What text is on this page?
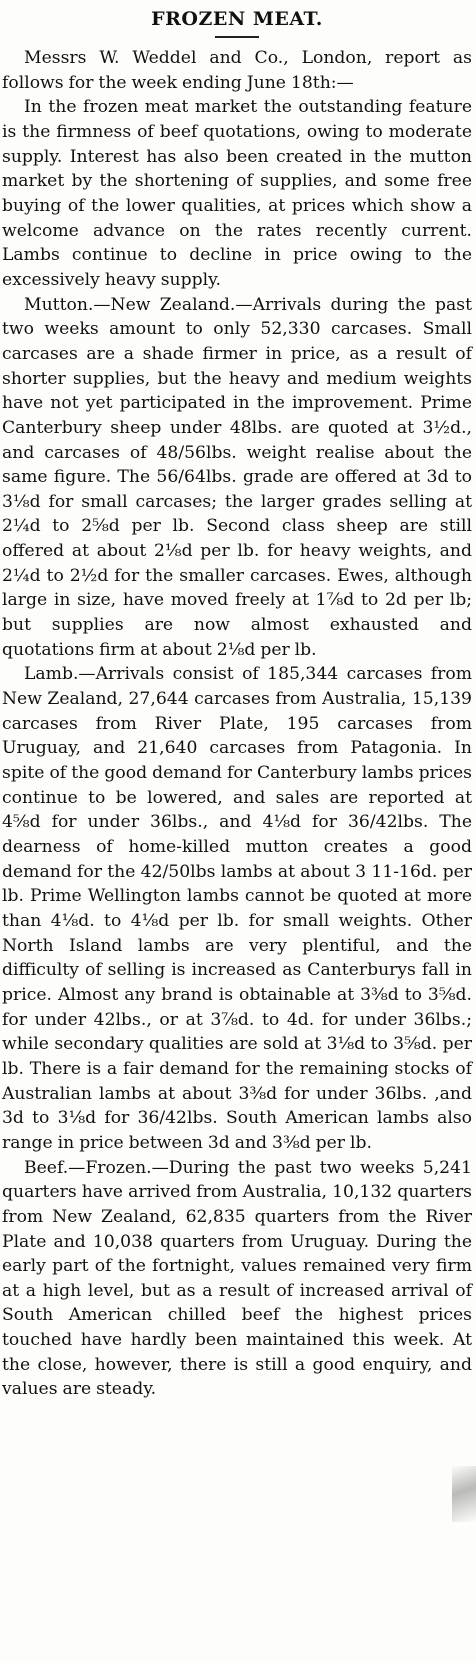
FROZEN MEAT.

Messrs W. Weddel and Co., London, report as follows for the week ending June 18th:—

In the frozen meat market the outstanding feature is the firmness of beef quotations, owing to moderate supply. Interest has also been created in the mutton market by the shortening of supplies, and some free buying of the lower qualities, at prices which show a welcome advance on the rates recently current. Lambs continue to decline in price owing to the excessively heavy supply.

Mutton.—New Zealand.—Arrivals during the past two weeks amount to only 52,330 carcases. Small carcases are a shade firmer in price, as a result of shorter supplies, but the heavy and medium weights have not yet participated in the improvement. Prime Canterbury sheep under 48lbs. are quoted at 3½d., and carcases of 48/56lbs. weight realise about the same figure. The 56/64lbs. grade are offered at 3d to 3⅛d for small carcases; the larger grades selling at 2¼d to 2⅝d per lb. Second class sheep are still offered at about 2⅛d per lb. for heavy weights, and 2¼d to 2½d for the smaller carcases. Ewes, although large in size, have moved freely at 1⅞d to 2d per lb; but supplies are now almost exhausted and quotations firm at about 2⅛d per lb.

Lamb.—Arrivals consist of 185,344 carcases from New Zealand, 27,644 carcases from Australia, 15,139 carcases from River Plate, 195 carcases from Uruguay, and 21,640 carcases from Patagonia. In spite of the good demand for Canterbury lambs prices continue to be lowered, and sales are reported at 4⅝d for under 36lbs., and 4⅛d for 36/42lbs. The dearness of home-killed mutton creates a good demand for the 42/50lbs lambs at about 3 11-16d. per lb. Prime Wellington lambs cannot be quoted at more than 4⅛d. to 4⅛d per lb. for small weights. Other North Island lambs are very plentiful, and the difficulty of selling is increased as Canterburys fall in price. Almost any brand is obtainable at 3⅜d to 3⅝d. for under 42lbs., or at 3⅞d. to 4d. for under 36lbs.; while secondary qualities are sold at 3⅛d to 3⅝d. per lb. There is a fair demand for the remaining stocks of Australian lambs at about 3⅜d for under 36lbs. ,and 3d to 3⅛d for 36/42lbs. South American lambs also range in price between 3d and 3⅜d per lb.

Beef.—Frozen.—During the past two weeks 5,241 quarters have arrived from Australia, 10,132 quarters from New Zealand, 62,835 quarters from the River Plate and 10,038 quarters from Uruguay. During the early part of the fortnight, values remained very firm at a high level, but as a result of increased arrival of South American chilled beef the highest prices touched have hardly been maintained this week. At the close, however, there is still a good enquiry, and values are steady.
